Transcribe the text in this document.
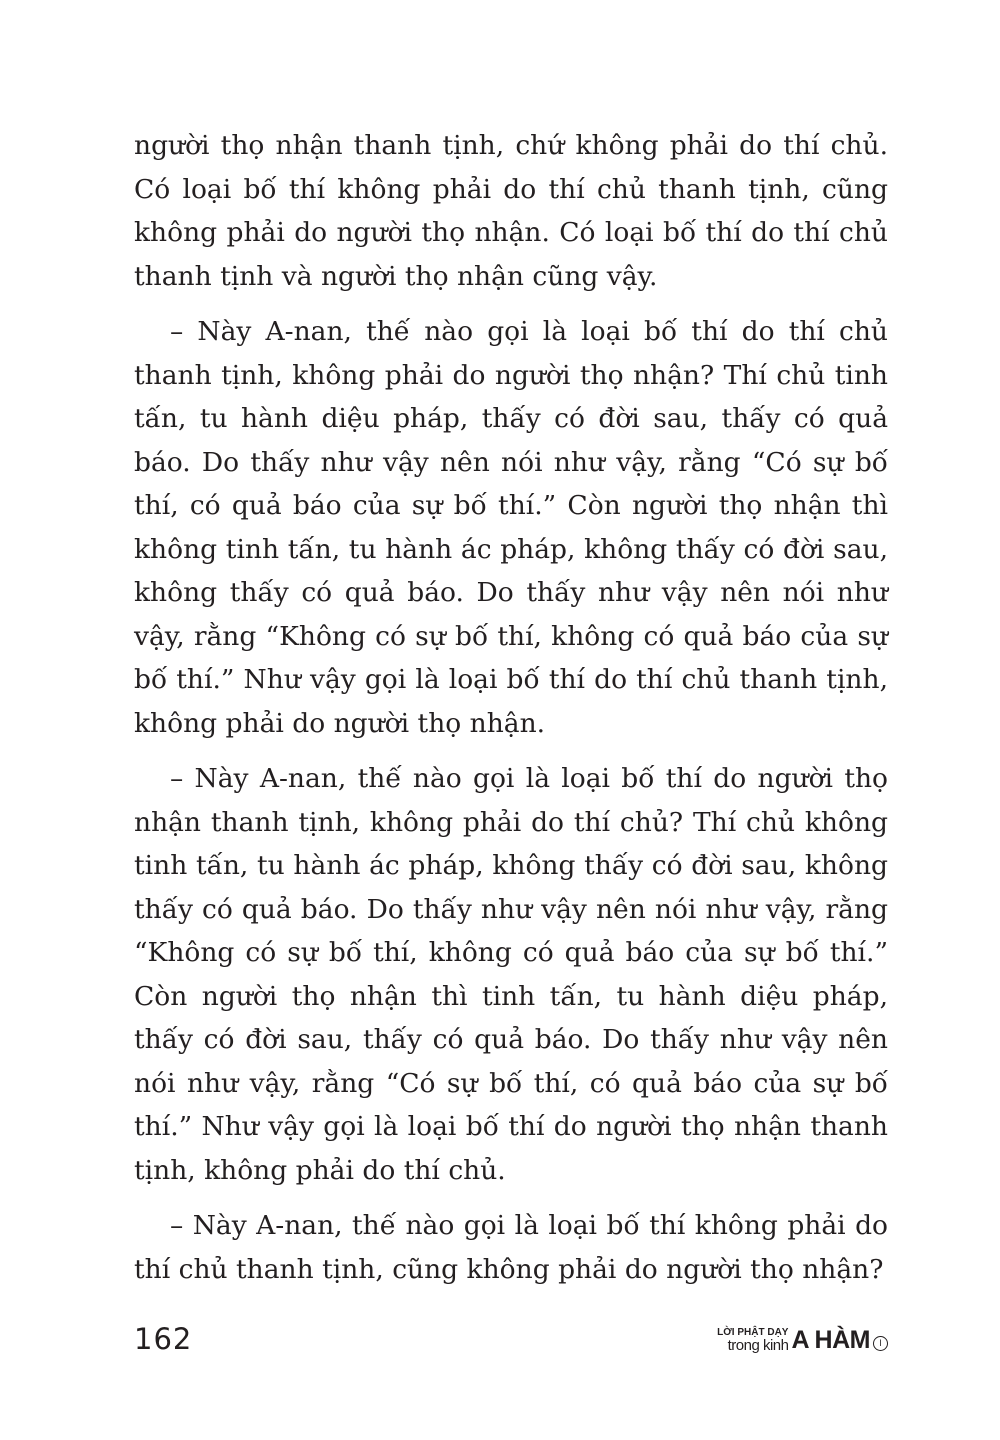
người thọ nhận thanh tịnh, chứ không phải do thí chủ. Có loại bố thí không phải do thí chủ thanh tịnh, cũng không phải do người thọ nhận. Có loại bố thí do thí chủ thanh tịnh và người thọ nhận cũng vậy.

– Này A-nan, thế nào gọi là loại bố thí do thí chủ thanh tịnh, không phải do người thọ nhận? Thí chủ tinh tấn, tu hành diệu pháp, thấy có đời sau, thấy có quả báo. Do thấy như vậy nên nói như vậy, rằng “Có sự bố thí, có quả báo của sự bố thí.” Còn người thọ nhận thì không tinh tấn, tu hành ác pháp, không thấy có đời sau, không thấy có quả báo. Do thấy như vậy nên nói như vậy, rằng “Không có sự bố thí, không có quả báo của sự bố thí.” Như vậy gọi là loại bố thí do thí chủ thanh tịnh, không phải do người thọ nhận.

– Này A-nan, thế nào gọi là loại bố thí do người thọ nhận thanh tịnh, không phải do thí chủ? Thí chủ không tinh tấn, tu hành ác pháp, không thấy có đời sau, không thấy có quả báo. Do thấy như vậy nên nói như vậy, rằng “Không có sự bố thí, không có quả báo của sự bố thí.” Còn người thọ nhận thì tinh tấn, tu hành diệu pháp, thấy có đời sau, thấy có quả báo. Do thấy như vậy nên nói như vậy, rằng “Có sự bố thí, có quả báo của sự bố thí.” Như vậy gọi là loại bố thí do người thọ nhận thanh tịnh, không phải do thí chủ.

– Này A-nan, thế nào gọi là loại bố thí không phải do thí chủ thanh tịnh, cũng không phải do người thọ nhận?

162	LỜI PHẬT DẠY
trong kinh A HÀM	I
